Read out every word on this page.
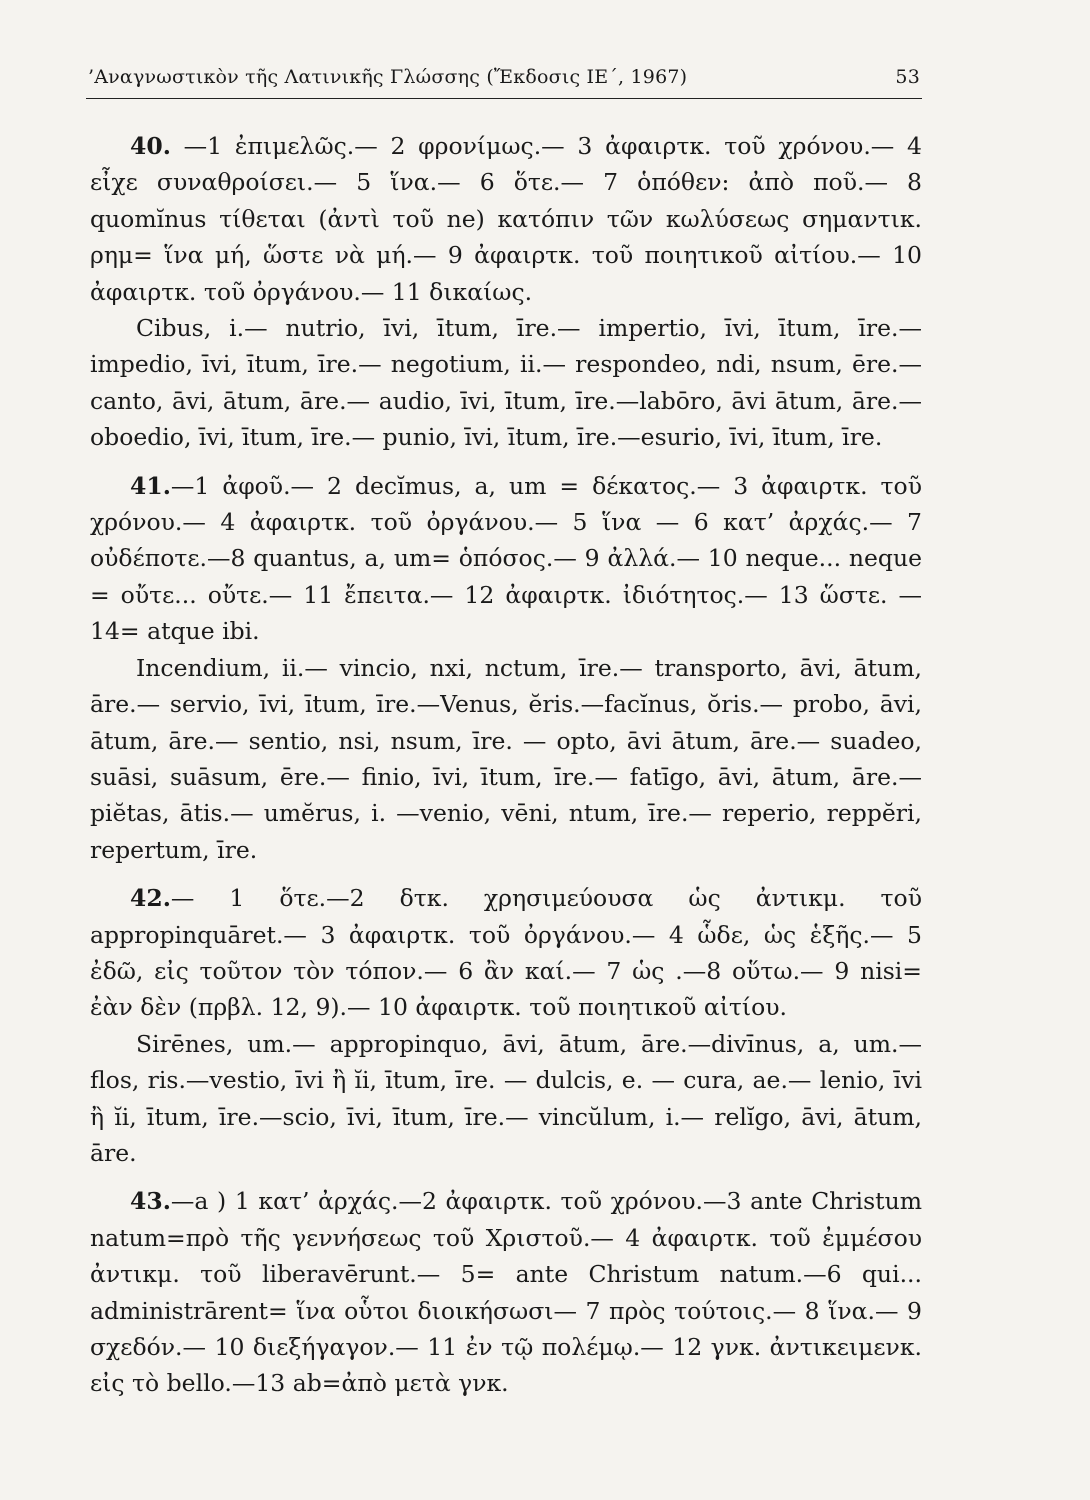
’Αναγνωστικὸν τῆς Λατινικῆς Γλώσσης (Ἔκδοσις ΙΕ΄, 1967)	53

40. —1 ἐπιμελῶς.— 2 φρονίμως.— 3 ἀφαιρτκ. τοῦ χρόνου.— 4 εἶχε συναθροίσει.— 5 ἵνα.— 6 ὅτε.— 7 ὁπόθεν: ἀπὸ ποῦ.— 8 quomĭnus τίθεται (ἀντὶ τοῦ ne) κατόπιν τῶν κωλύσεως σημαντικ. ρημ= ἵνα μή, ὥστε νὰ μή.— 9 ἀφαιρτκ. τοῦ ποιητικοῦ αἰτίου.— 10 ἀφαιρτκ. τοῦ ὀργάνου.— 11 δικαίως.

Cibus, i.— nutrio, īvi, ītum, īre.— impertio, īvi, ītum, īre.— impedio, īvi, ītum, īre.— negotium, ii.— respondeo, ndi, nsum, ēre.— canto, āvi, ātum, āre.— audio, īvi, ītum, īre.—labōro, āvi ātum, āre.— oboedio, īvi, ītum, īre.— punio, īvi, ītum, īre.—esurio, īvi, ītum, īre.

41.—1 ἀφοῦ.— 2 decĭmus, a, um = δέκατος.— 3 ἀφαιρτκ. τοῦ χρόνου.— 4 ἀφαιρτκ. τοῦ ὀργάνου.— 5 ἵνα — 6 κατ’ ἀρχάς.— 7 οὐδέποτε.—8 quantus, a, um= ὁπόσος.— 9 ἀλλά.— 10 neque... neque = οὔτε... οὔτε.— 11 ἔπειτα.— 12 ἀφαιρτκ. ἰδιότητος.— 13 ὥστε. — 14= atque ibi.

Incendium, ii.— vincio, nxi, nctum, īre.— transporto, āvi, ātum, āre.— servio, īvi, ītum, īre.—Venus, ĕris.—facĭnus, ŏris.— probo, āvi, ātum, āre.— sentio, nsi, nsum, īre. — opto, āvi ātum, āre.— suadeo, suāsi, suāsum, ēre.— finio, īvi, ītum, īre.— fatīgo, āvi, ātum, āre.— piĕtas, ātis.— umĕrus, i. —venio, vēni, ntum, īre.— reperio, reppĕri, repertum, īre.

42.— 1 ὅτε.—2 δτκ. χρησιμεύουσα ὡς ἀντικμ. τοῦ appropinquāret.— 3 ἀφαιρτκ. τοῦ ὀργάνου.— 4 ὧδε, ὡς ἑξῆς.— 5 ἐδῶ, εἰς τοῦτον τὸν τόπον.— 6 ἂν καί.— 7 ὡς .—8 οὕτω.— 9 nisi= ἐὰν δὲν (πρβλ. 12, 9).— 10 ἀφαιρτκ. τοῦ ποιητικοῦ αἰτίου.

Sirēnes, um.— appropinquo, āvi, ātum, āre.—divīnus, a, um.— flos, ris.—vestio, īvi ἢ ĭi, ītum, īre. — dulcis, e. — cura, ae.— lenio, īvi ἢ ĭi, ītum, īre.—scio, īvi, ītum, īre.— vincŭlum, i.— relĭgo, āvi, ātum, āre.

43.—a ) 1 κατ’ ἀρχάς.—2 ἀφαιρτκ. τοῦ χρόνου.—3 ante Christum natum=πρὸ τῆς γεννήσεως τοῦ Χριστοῦ.— 4 ἀφαιρτκ. τοῦ ἐμμέσου ἀντικμ. τοῦ liberavērunt.— 5= ante Christum natum.—6 qui... administrārent= ἵνα οὗτοι διοικήσωσι— 7 πρὸς τούτοις.— 8 ἵνα.— 9 σχεδόν.— 10 διεξήγαγον.— 11 ἐν τῷ πολέμῳ.— 12 γνκ. ἀντικειμενκ. εἰς τὸ bello.—13 ab=ἀπὸ μετὰ γνκ.
